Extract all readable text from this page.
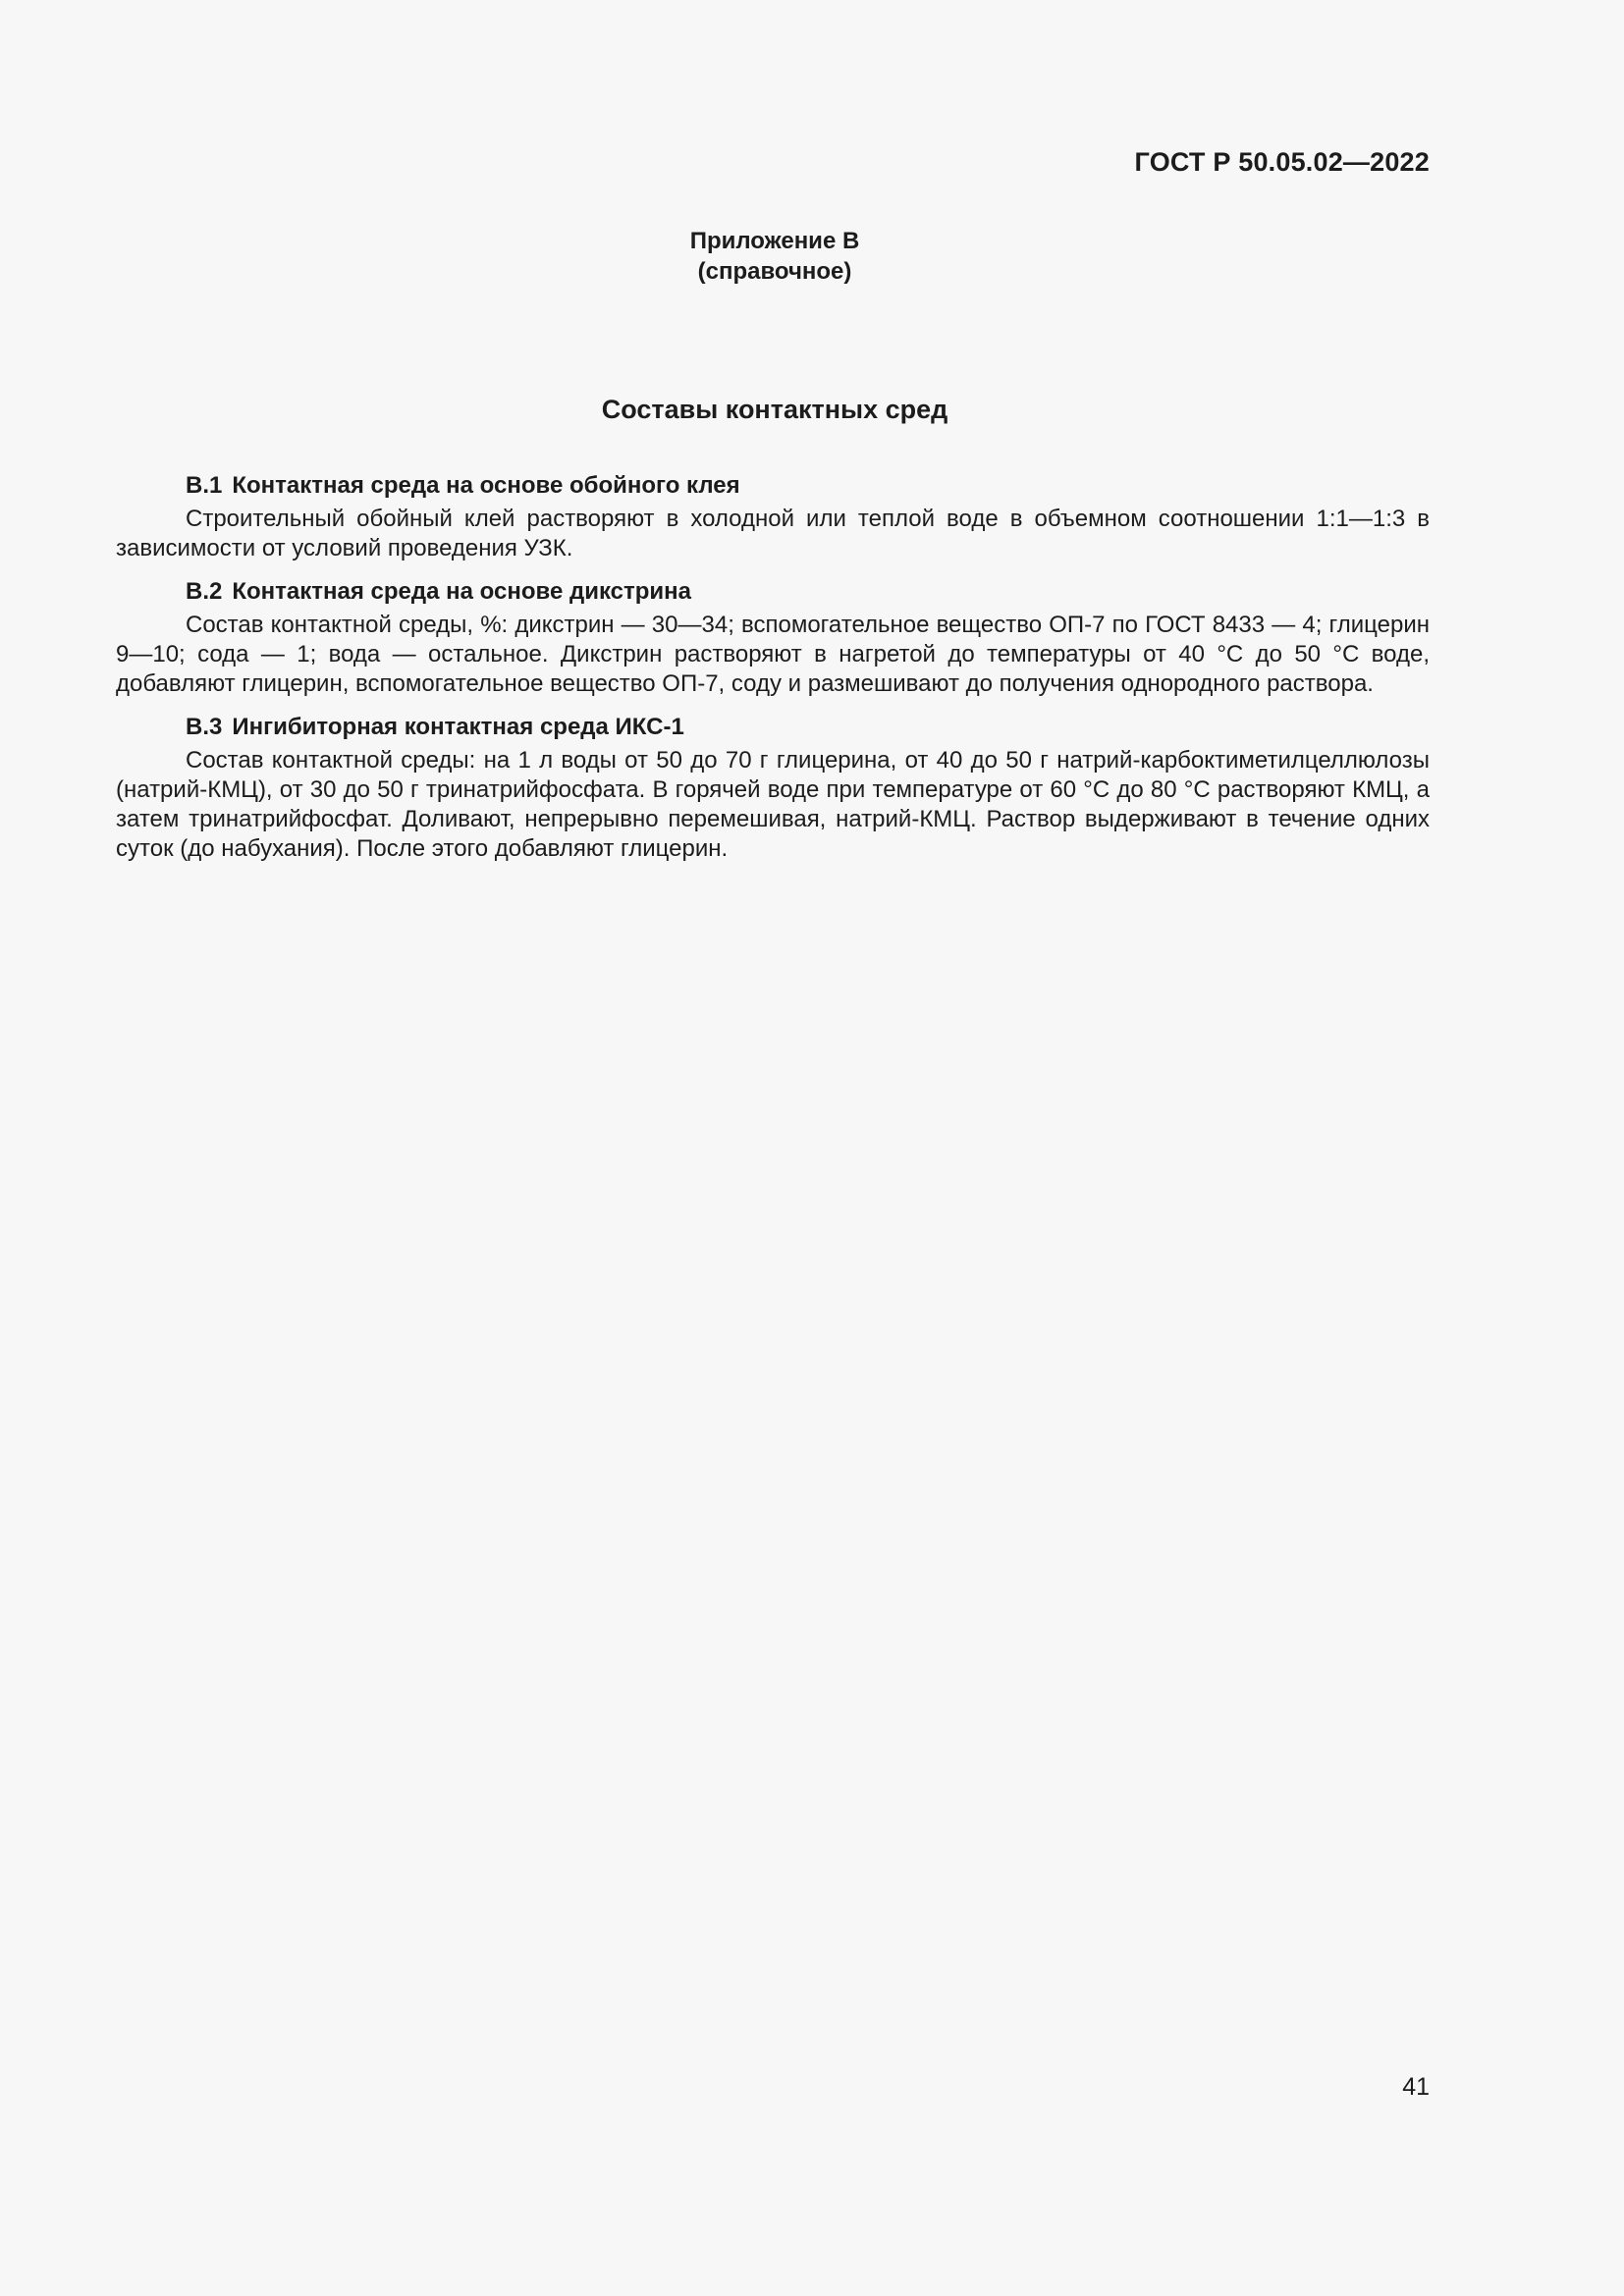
ГОСТ Р 50.05.02—2022
Приложение В
(справочное)
Составы контактных сред
В.1 Контактная среда на основе обойного клея

Строительный обойный клей растворяют в холодной или теплой воде в объемном соотношении 1:1—1:3 в зависимости от условий проведения УЗК.

В.2 Контактная среда на основе дикстрина

Состав контактной среды, %: дикстрин — 30—34; вспомогательное вещество ОП-7 по ГОСТ 8433 — 4; глицерин 9—10; сода — 1; вода — остальное. Дикстрин растворяют в нагретой до температуры от 40 °С до 50 °С воде, добавляют глицерин, вспомогательное вещество ОП-7, соду и размешивают до получения однородного раствора.

В.3 Ингибиторная контактная среда ИКС-1

Состав контактной среды: на 1 л воды от 50 до 70 г глицерина, от 40 до 50 г натрий-карбоктиметилцеллюлозы (натрий-КМЦ), от 30 до 50 г тринатрийфосфата. В горячей воде при температуре от 60 °С до 80 °С растворяют КМЦ, а затем тринатрийфосфат. Доливают, непрерывно перемешивая, натрий-КМЦ. Раствор выдерживают в течение одних суток (до набухания). После этого добавляют глицерин.

41
